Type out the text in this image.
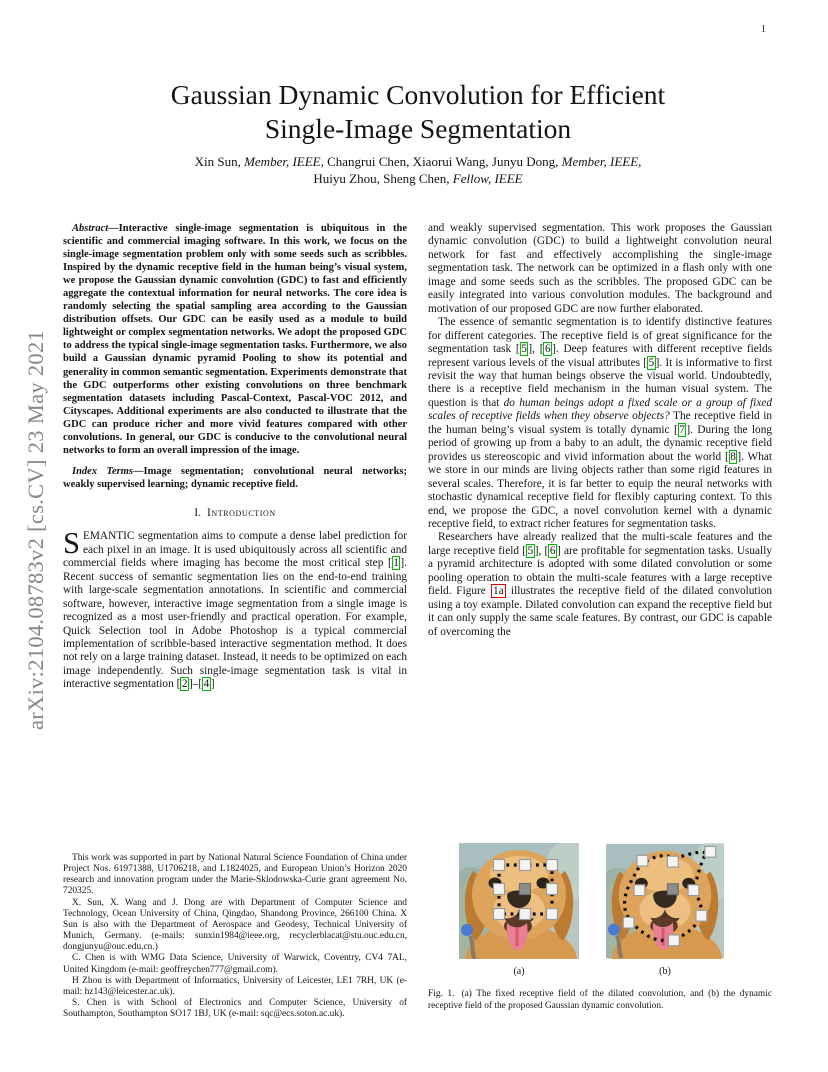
arXiv:2104.08783v2 [cs.CV] 23 May 2021
1
Gaussian Dynamic Convolution for Efficient
Single-Image Segmentation
Xin Sun, Member, IEEE, Changrui Chen, Xiaorui Wang, Junyu Dong, Member, IEEE,
Huiyu Zhou, Sheng Chen, Fellow, IEEE

Abstract—Interactive single-image segmentation is ubiquitous in the scientific and commercial imaging software. In this work, we focus on the single-image segmentation problem only with some seeds such as scribbles. Inspired by the dynamic receptive field in the human being’s visual system, we propose the Gaussian dynamic convolution (GDC) to fast and efficiently aggregate the contextual information for neural networks. The core idea is randomly selecting the spatial sampling area according to the Gaussian distribution offsets. Our GDC can be easily used as a module to build lightweight or complex segmentation networks. We adopt the proposed GDC to address the typical single-image segmentation tasks. Furthermore, we also build a Gaussian dynamic pyramid Pooling to show its potential and generality in common semantic segmentation. Experiments demonstrate that the GDC outperforms other existing convolutions on three benchmark segmentation datasets including Pascal-Context, Pascal-VOC 2012, and Cityscapes. Additional experiments are also conducted to illustrate that the GDC can produce richer and more vivid features compared with other convolutions. In general, our GDC is conducive to the convolutional neural networks to form an overall impression of the image.

Index Terms—Image segmentation; convolutional neural networks; weakly supervised learning; dynamic receptive field.

I. Introduction

SEMANTIC segmentation aims to compute a dense label prediction for each pixel in an image. It is used ubiquitously across all scientific and commercial fields where imaging has become the most critical step [ 1 ]. Recent success of semantic segmentation lies on the end-to-end training with large-scale segmentation annotations. In scientific and commercial software, however, interactive image segmentation from a single image is recognized as a most user-friendly and practical operation. For example, Quick Selection tool in Adobe Photoshop is a typical commercial implementation of scribble-based interactive segmentation method. It does not rely on a large training dataset. Instead, it needs to be optimized on each image independently. Such single-image segmentation task is vital in interactive segmentation [ 2 ]–[ 4 ]

This work was supported in part by National Natural Science Foundation of China under Project Nos. 61971388, U1706218, and L1824025, and European Union’s Horizon 2020 research and innovation program under the Marie-Sklodowska-Curie grant agreement No. 720325.

X. Sun, X. Wang and J. Dong are with Department of Computer Science and Technology, Ocean University of China, Qingdao, Shandong Province, 266100 China. X Sun is also with the Department of Aerospace and Geodesy, Technical University of Munich, Germany. (e-mails: sunxin1984@ieee.org, recyclerblacat@stu.ouc.edu.cn, dongjunyu@ouc.edu.cn.)

C. Chen is with WMG Data Science, University of Warwick, Coventry, CV4 7AL, United Kingdom (e-mail: geoffreychen777@gmail.com).

H Zhou is with Department of Informatics, University of Leicester, LE1 7RH, UK (e-mail: hz143@leicester.ac.uk).

S. Chen is with School of Electronics and Computer Science, University of Southampton, Southampton SO17 1BJ, UK (e-mail: sqc@ecs.soton.ac.uk).

and weakly supervised segmentation. This work proposes the Gaussian dynamic convolution (GDC) to build a lightweight convolution neural network for fast and effectively accomplishing the single-image segmentation task. The network can be optimized in a flash only with one image and some seeds such as the scribbles. The proposed GDC can be easily integrated into various convolution modules. The background and motivation of our proposed GDC are now further elaborated.

The essence of semantic segmentation is to identify distinctive features for different categories. The receptive field is of great significance for the segmentation task [ 5 ], [ 6 ]. Deep features with different receptive fields represent various levels of the visual attributes [ 5 ]. It is informative to first revisit the way that human beings observe the visual world. Undoubtedly, there is a receptive field mechanism in the human visual system. The question is that do human beings adopt a fixed scale or a group of fixed scales of receptive fields when they observe objects? The receptive field in the human being’s visual system is totally dynamic [ 7 ]. During the long period of growing up from a baby to an adult, the dynamic receptive field provides us stereoscopic and vivid information about the world [ 8 ]. What we store in our minds are living objects rather than some rigid features in several scales. Therefore, it is far better to equip the neural networks with stochastic dynamical receptive field for flexibly capturing context. To this end, we propose the GDC, a novel convolution kernel with a dynamic receptive field, to extract richer features for segmentation tasks.

Researchers have already realized that the multi-scale features and the large receptive field [ 5 ], [ 6 ] are profitable for segmentation tasks. Usually a pyramid architecture is adopted with some dilated convolution or some pooling operation to obtain the multi-scale features with a large receptive field. Figure 1a illustrates the receptive field of the dilated convolution using a toy example. Dilated convolution can expand the receptive field but it can only supply the same scale features. By contrast, our GDC is capable of overcoming the

(a)	(b)

Fig. 1. (a) The fixed receptive field of the dilated convolution, and (b) the dynamic receptive field of the proposed Gaussian dynamic convolution.
